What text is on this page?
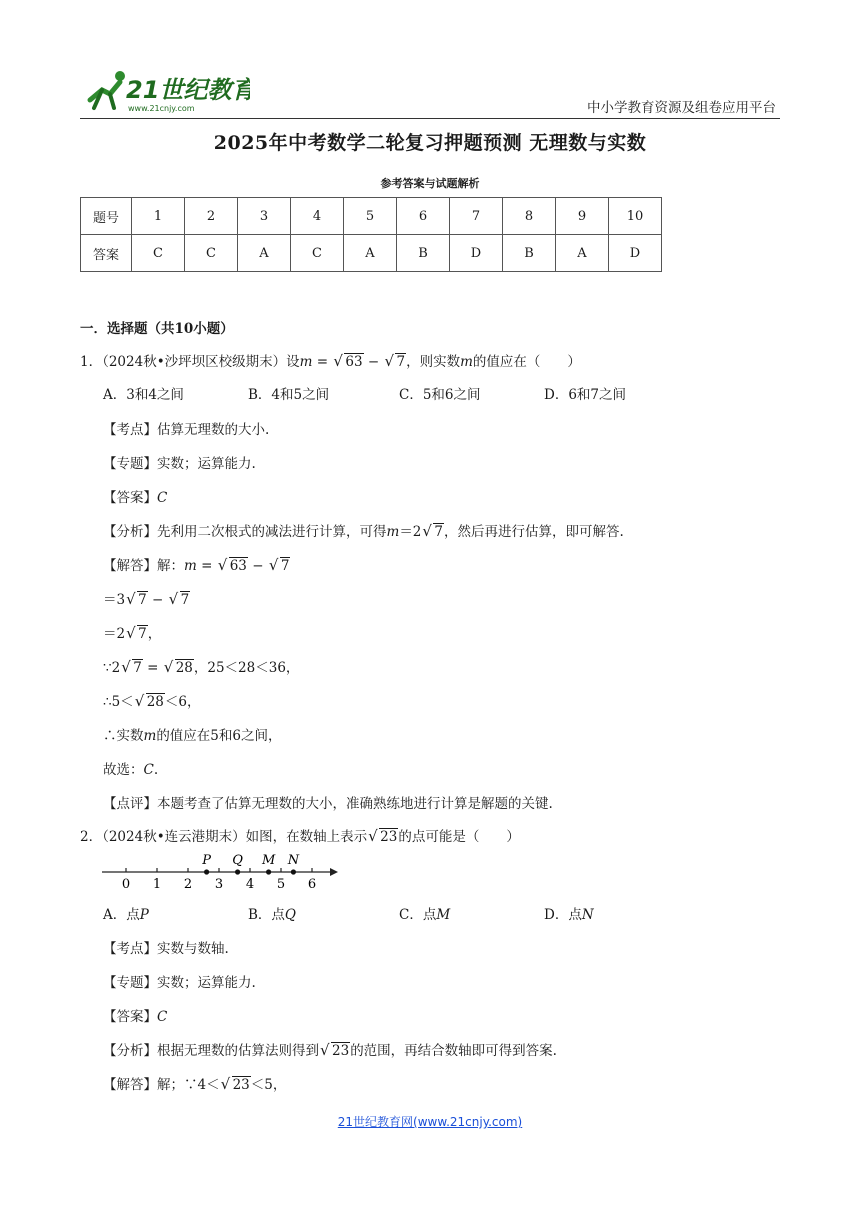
21世纪教育
www.21cnjy.com	中小学教育资源及组卷应用平台
2025年中考数学二轮复习押题预测 无理数与实数
参考答案与试题解析
题号	1	2	3	4	5	6	7	8	9	10
答案	C	C	A	C	A	B	D	B	A	D
一．选择题（共10小题）
1．（2024秋•沙坪坝区校级期末）设m = √ 63 − √ 7，则实数m的值应在（　　）
A．3和4之间	B．4和5之间	C．5和6之间	D．6和7之间
【考点】估算无理数的大小.
【专题】实数；运算能力.
【答案】C
【分析】先利用二次根式的减法进行计算，可得m＝2 √ 7，然后再进行估算，即可解答.
【解答】解：m = √ 63 − √ 7
＝3 √ 7 − √ 7
＝2 √ 7，
∵2 √ 7 = √ 28，25＜28＜36，
∴5＜ √ 28＜6，
∴实数m的值应在5和6之间，
故选：C.
【点评】本题考查了估算无理数的大小，准确熟练地进行计算是解题的关键.
2．（2024秋•连云港期末）如图，在数轴上表示 √ 23的点可能是（　　）
0 1 2 3 4 5 6
P Q M N
A．点P	B．点Q	C．点M	D．点N
【考点】实数与数轴.
【专题】实数；运算能力.
【答案】C
【分析】根据无理数的估算法则得到 √ 23的范围，再结合数轴即可得到答案.
【解答】解；∵4＜ √ 23＜5，
21世纪教育网(www.21cnjy.com)
